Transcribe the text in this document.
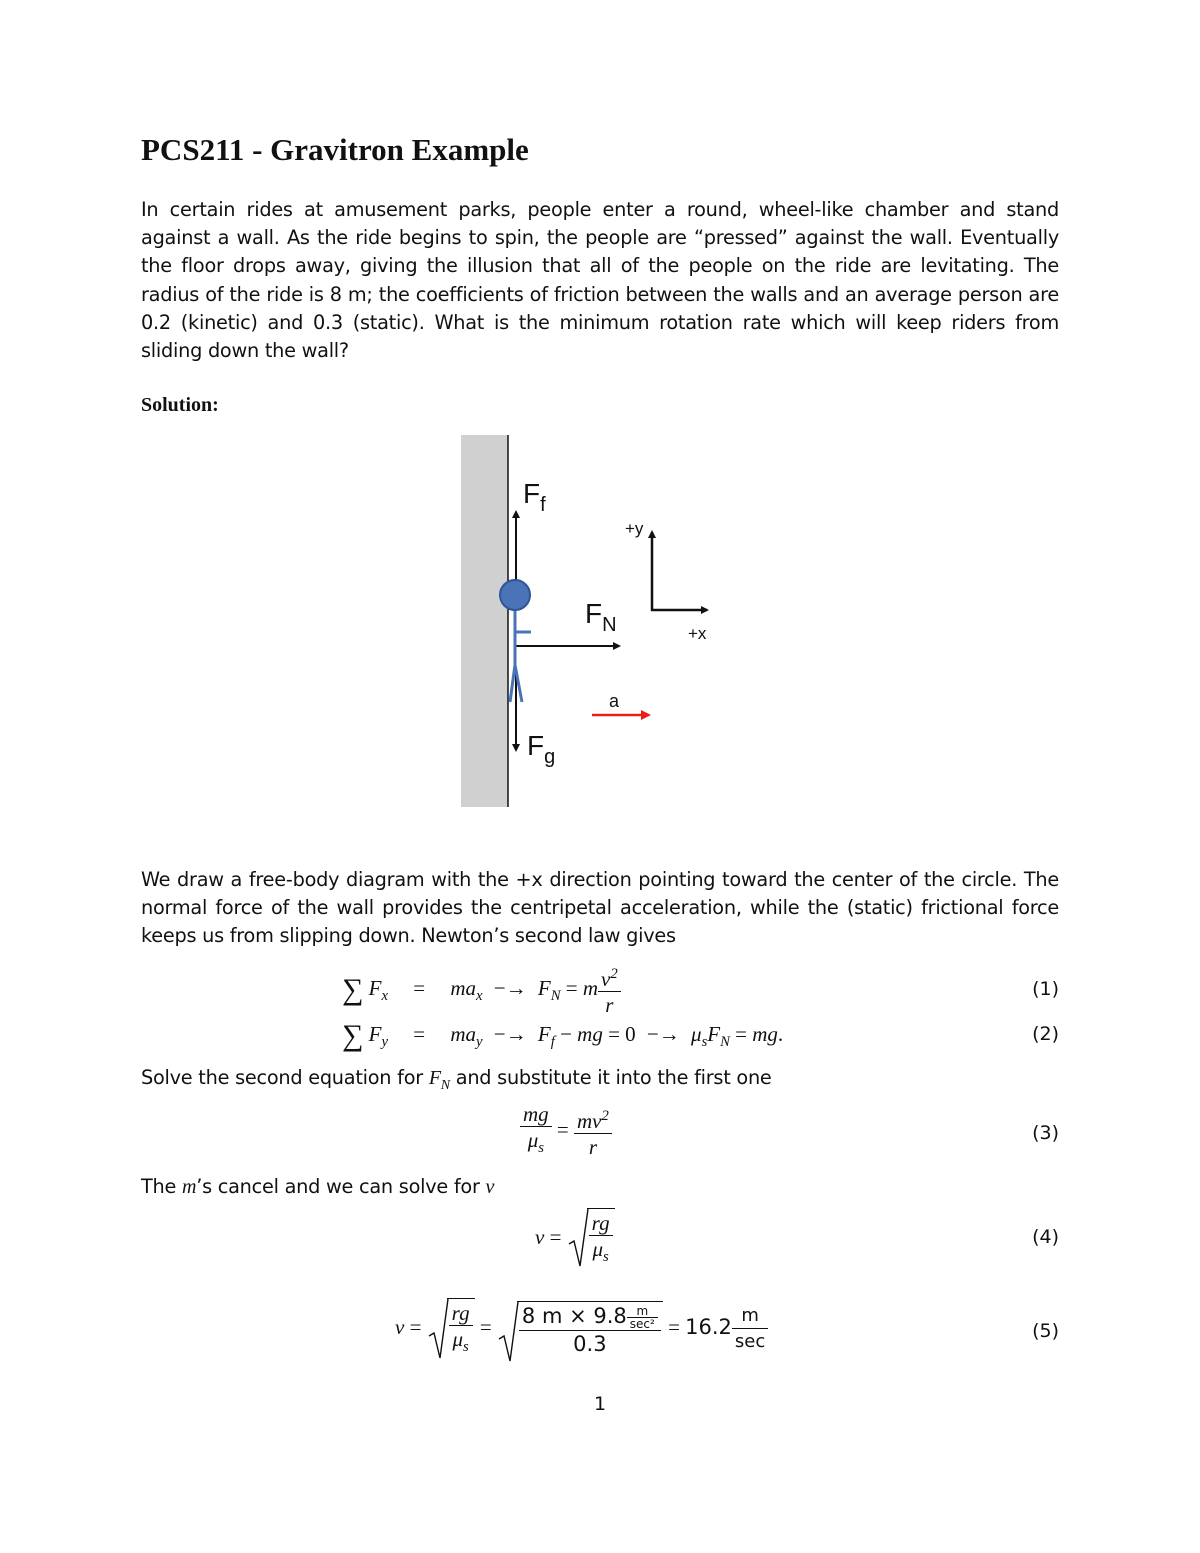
PCS211 - Gravitron Example
In certain rides at amusement parks, people enter a round, wheel-like chamber and stand against a wall. As the ride begins to spin, the people are “pressed” against the wall. Eventually the floor drops away, giving the illusion that all of the people on the ride are levitating. The radius of the ride is 8 m; the coefficients of friction between the walls and an average person are 0.2 (kinetic) and 0.3 (static). What is the minimum rotation rate which will keep riders from sliding down the wall?
Solution:
$F_f$
$F_N$
$F_g$
+y
+x
a
We draw a free-body diagram with the +x direction pointing toward the center of the circle. The normal force of the wall provides the centripetal acceleration, while the (static) frictional force keeps us from slipping down. Newton’s second law gives
∑ $F_x = ma_x -\to F_N = m \frac{v^2}{r}$	(1)
∑ $F_y = ma_y -\to F_f$ − mg = $0 -\to \mu_sF_N$ = mg.	(2)
Solve the second equation for $F_N$ and substitute it into the first one
$\frac{mg}{\mu_s} = \frac{mv^2}{r}$	(3)
The m’s cancel and we can solve for v
$v = \frac{rg}{\mu_s}$	(4)
$v = \frac{rg}{\mu_s} = \frac{8 m \times 9.8 \frac{m}{\text{sec²}}}{0.3} = 16.2 \frac{m}{\sec}$	(5)
1
